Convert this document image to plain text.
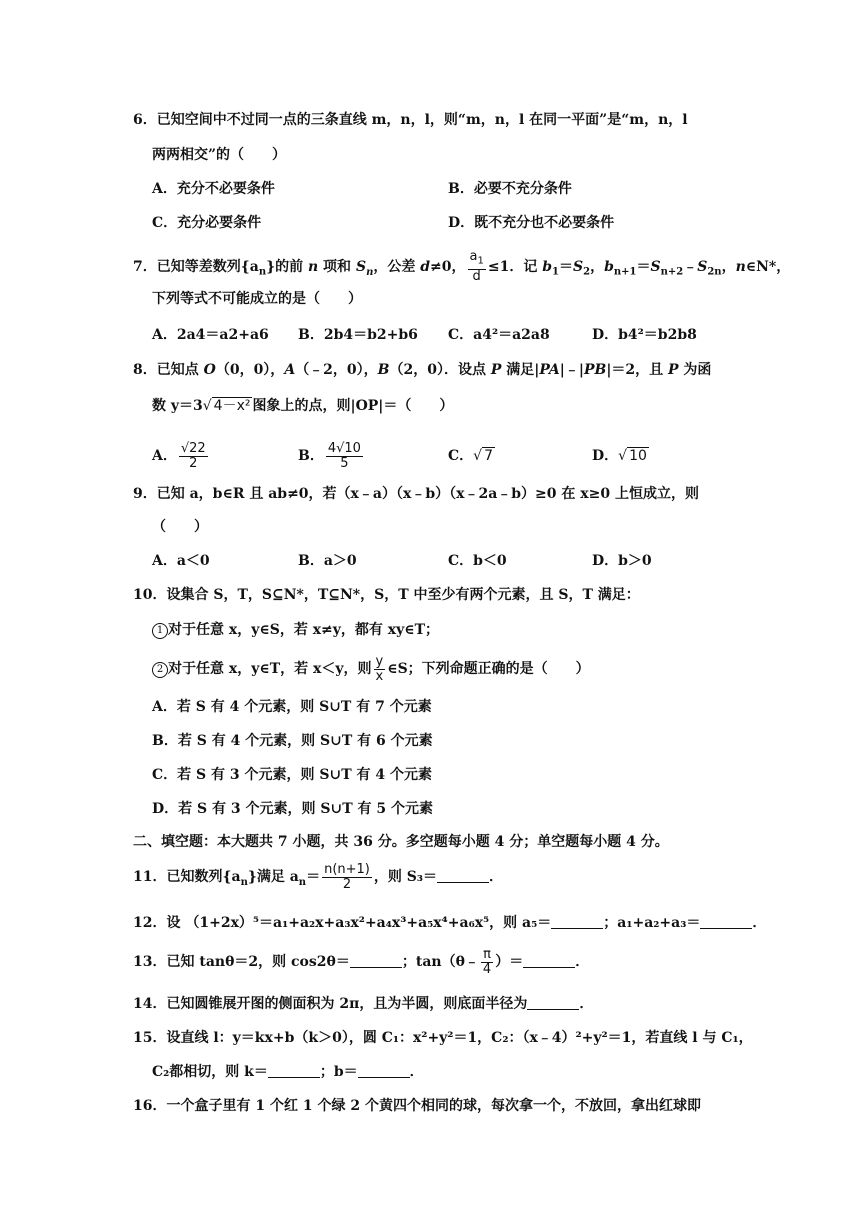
6．已知空间中不过同一点的三条直线 m，n，l，则“m，n，l 在同一平面”是“m，n，l
两两相交”的（　　）
A．充分不必要条件	B．必要不充分条件
C．充分必要条件	D．既不充分也不必要条件
7．已知等差数列$\{a_n\}$的前 n 项和 $S_n$，公差 d≠0， $\frac{a_1}{d} \le 1$．记 $b_1=S_2$，$b_{n+1}=S_{n+2}﹣S_{2n}$，n∈N*，
下列等式不可能成立的是（　　）
A．2a4＝a2+a6 B．2b4＝b2+b6 C．a4²＝a2a8	D．b4²＝b2b8
8．已知点 O（0，0），A（﹣2，0），B（2，0）．设点 P 满足|PA|﹣|PB|＝2，且 P 为函
数 y＝3√ 4－x² 图象上的点，则|OP|＝（　　）
A． $\frac{√22}{2}$	B． $\frac{4√10}{5}$	C．√ 7	D．√ 10
9．已知 a，b∈R 且 ab≠0，若（x﹣a）（x﹣b）（x﹣2a﹣b）≥0 在 x≥0 上恒成立，则
（　　）
A．a＜0	B．a＞0	C．b＜0	D．b＞0
10．设集合 S，T，S⊆N*，T⊆N*，S，T 中至少有两个元素，且 S，T 满足：
1 对于任意 x，y∈S，若 x≠y，都有 xy∈T；
2 对于任意 x，y∈T，若 x＜y，则 $\frac{y}{x}$ ∈S；下列命题正确的是（　　）
A．若 S 有 4 个元素，则 S∪T 有 7 个元素
B．若 S 有 4 个元素，则 S∪T 有 6 个元素
C．若 S 有 3 个元素，则 S∪T 有 4 个元素
D．若 S 有 3 个元素，则 S∪T 有 5 个元素
二、填空题：本大题共 7 小题，共 36 分。多空题每小题 4 分；单空题每小题 4 分。
11．已知数列$\{a_n\}$满足 $a_n= \frac{n(n+1)}{2}$ ，则 S₃＝	．
12．设 （1+2x）⁵＝a₁+a₂x+a₃x²+a₄x³+a₅x⁴+a₆x⁵，则 a₅＝	；a₁+a₂+a₃＝	．
13．已知 tanθ＝2，则 cos2θ＝	；tan（θ﹣ $\frac{\pi}{4}$ ）＝	．
14．已知圆锥展开图的侧面积为 2π，且为半圆，则底面半径为	．
15．设直线 l：y＝kx+b（k＞0），圆 C₁：x²+y²＝1，C₂：（x﹣4）²+y²＝1，若直线 l 与 C₁，
C₂都相切，则 k＝	；b＝	．
16．一个盒子里有 1 个红 1 个绿 2 个黄四个相同的球，每次拿一个，不放回，拿出红球即
